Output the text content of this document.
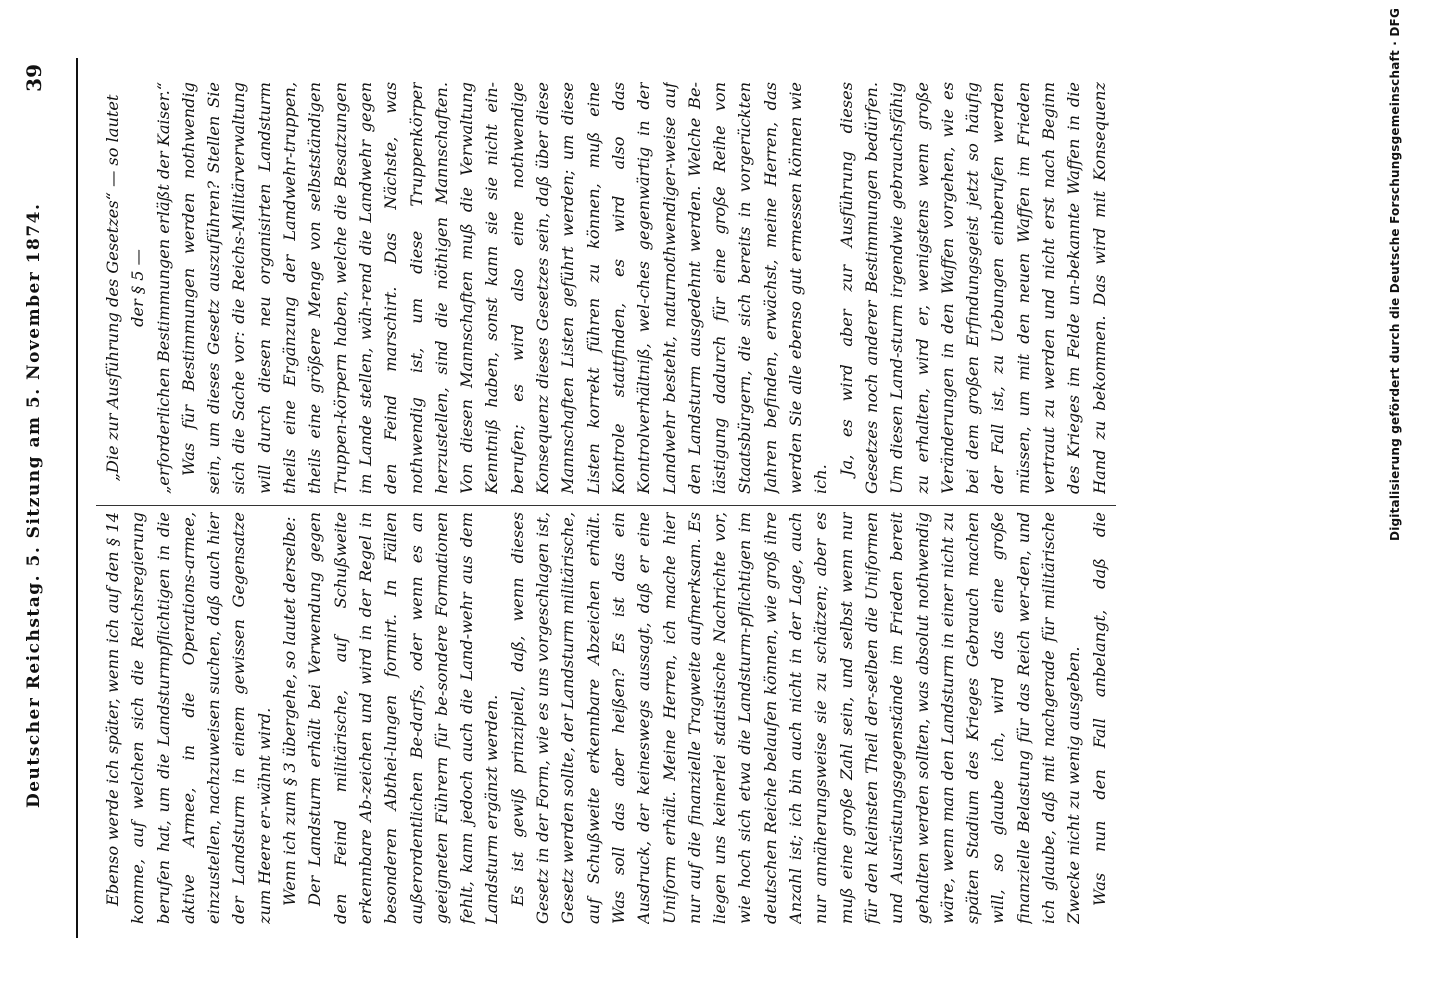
Deutscher Reichstag. 5. Sitzung am 5. November 1874.
39

Ebenso werde ich später, wenn ich auf den § 14 komme, auf welchen sich die Reichsregierung berufen hat, um die Landsturmpflichtigen in die aktive Armee, in die Operations-armee, einzustellen, nachzuweisen suchen, daß auch hier der Landsturm in einem gewissen Gegensatze zum Heere er-wähnt wird. Wenn ich zum § 3 übergehe, so lautet derselbe: Der Landsturm erhält bei Verwendung gegen den Feind militärische, auf Schußweite erkennbare Ab-zeichen und wird in der Regel in besonderen Abthei-lungen formirt. In Fällen außerordentlichen Be-darfs, oder wenn es an geeigneten Führern für be-sondere Formationen fehlt, kann jedoch auch die Land-wehr aus dem Landsturm ergänzt werden. Es ist gewiß prinzipiell, daß, wenn dieses Gesetz in der Form, wie es uns vorgeschlagen ist, Gesetz werden sollte, der Landsturm militärische, auf Schußweite erkennbare Abzeichen erhält. Was soll das aber heißen? Es ist das ein Ausdruck, der keineswegs aussagt, daß er eine Uniform erhält. Meine Herren, ich mache hier nur auf die finanzielle Tragweite aufmerksam. Es liegen uns keinerlei statistische Nachrichte vor, wie hoch sich etwa die Landsturm-pflichtigen im deutschen Reiche belaufen können, wie groß ihre Anzahl ist; ich bin auch nicht in der Lage, auch nur annäherungsweise sie zu schätzen; aber es muß eine große Zahl sein, und selbst wenn nur für den kleinsten Theil der-selben die Uniformen und Ausrüstungsgegenstände im Frieden bereit gehalten werden sollten, was absolut nothwendig wäre, wenn man den Landsturm in einer nicht zu späten Stadium des Krieges Gebrauch machen will, so glaube ich, wird das eine große finanzielle Belastung für das Reich wer-den, und ich glaube, daß mit nachgerade für militärische Zwecke nicht zu wenig ausgeben. Was nun den Fall anbelangt, daß die

„Die zur Ausführung des Gesetzes“ — so lautet der § 5 — „erforderlichen Bestimmungen erläßt der Kaiser.“ Was für Bestimmungen werden nothwendig sein, um dieses Gesetz auszuführen? Stellen Sie sich die Sache vor: die Reichs-Militärverwaltung will durch diesen neu organisirten Landsturm theils eine Ergänzung der Landwehr-truppen, theils eine größere Menge von selbstständigen Truppen-körpern haben, welche die Besatzungen im Lande stellen, wäh-rend die Landwehr gegen den Feind marschirt. Das Nächste, was nothwendig ist, um diese Truppenkörper herzustellen, sind die nöthigen Mannschaften. Von diesen Mannschaften muß die Verwaltung Kenntniß haben, sonst kann sie sie nicht ein-berufen; es wird also eine nothwendige Konsequenz dieses Gesetzes sein, daß über diese Mannschaften Listen geführt werden; um diese Listen korrekt führen zu können, muß eine Kontrole stattfinden, es wird also das Kontrolverhältniß, wel-ches gegenwärtig in der Landwehr besteht, naturnothwendiger-weise auf den Landsturm ausgedehnt werden. Welche Be-lästigung dadurch für eine große Reihe von Staatsbürgern, die sich bereits in vorgerückten Jahren befinden, erwächst, meine Herren, das werden Sie alle ebenso gut ermessen können wie ich. Ja, es wird aber zur Ausführung dieses Gesetzes noch anderer Bestimmungen bedürfen. Um diesen Land-sturm irgendwie gebrauchsfähig zu erhalten, wird er, wenigstens wenn große Veränderungen in den Waffen vorgehen, wie es bei dem großen Erfindungsgeist jetzt so häufig der Fall ist, zu Uebungen einberufen werden müssen, um mit den neuen Waffen im Frieden vertraut zu werden und nicht erst nach Beginn des Krieges im Felde un-bekannte Waffen in die Hand zu bekommen. Das wird mit Konsequenz	Digitalisierung gefördert durch die Deutsche Forschungsgemeinschaft · DFG
